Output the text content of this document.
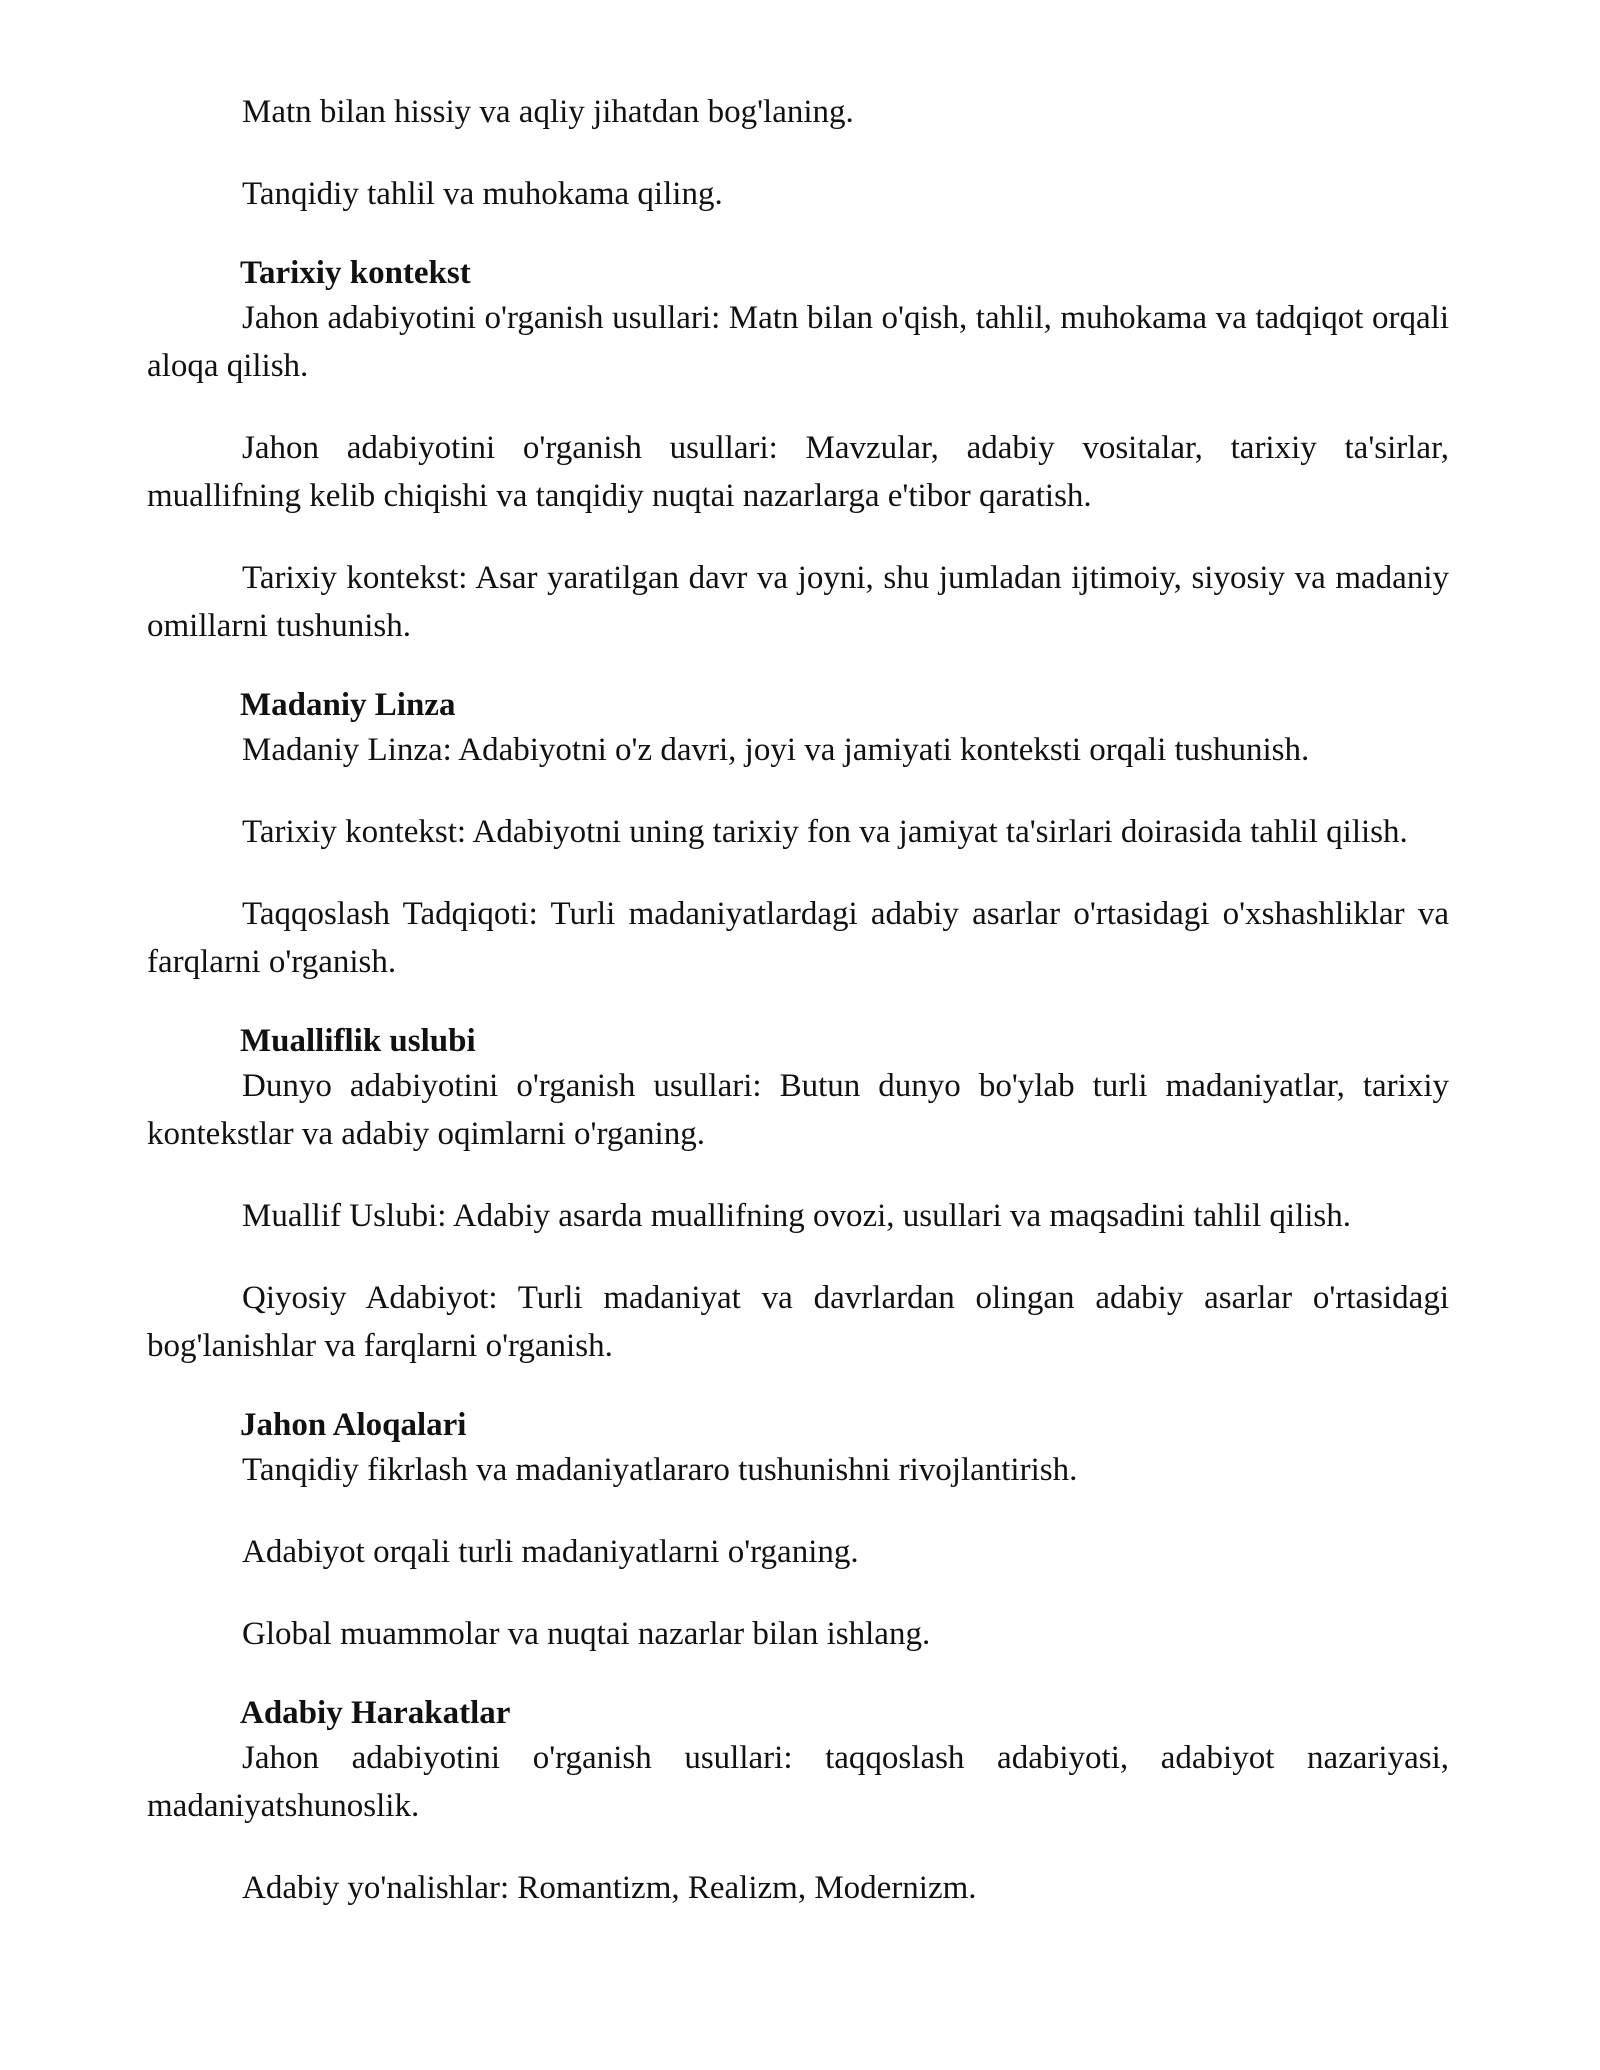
Matn bilan hissiy va aqliy jihatdan bog'laning.

Tanqidiy tahlil va muhokama qiling.

Tarixiy kontekst

Jahon adabiyotini o'rganish usullari: Matn bilan o'qish, tahlil, muhokama va tadqiqot orqali aloqa qilish.

Jahon adabiyotini o'rganish usullari: Mavzular, adabiy vositalar, tarixiy ta'sirlar, muallifning kelib chiqishi va tanqidiy nuqtai nazarlarga e'tibor qaratish.

Tarixiy kontekst: Asar yaratilgan davr va joyni, shu jumladan ijtimoiy, siyosiy va madaniy omillarni tushunish.

Madaniy Linza

Madaniy Linza: Adabiyotni o'z davri, joyi va jamiyati konteksti orqali tushunish.

Tarixiy kontekst: Adabiyotni uning tarixiy fon va jamiyat ta'sirlari doirasida tahlil qilish.

Taqqoslash Tadqiqoti: Turli madaniyatlardagi adabiy asarlar o'rtasidagi o'xshashliklar va farqlarni o'rganish.

Mualliflik uslubi

Dunyo adabiyotini o'rganish usullari: Butun dunyo bo'ylab turli madaniyatlar, tarixiy kontekstlar va adabiy oqimlarni o'rganing.

Muallif Uslubi: Adabiy asarda muallifning ovozi, usullari va maqsadini tahlil qilish.

Qiyosiy Adabiyot: Turli madaniyat va davrlardan olingan adabiy asarlar o'rtasidagi bog'lanishlar va farqlarni o'rganish.

Jahon Aloqalari

Tanqidiy fikrlash va madaniyatlararo tushunishni rivojlantirish.

Adabiyot orqali turli madaniyatlarni o'rganing.

Global muammolar va nuqtai nazarlar bilan ishlang.

Adabiy Harakatlar

Jahon adabiyotini o'rganish usullari: taqqoslash adabiyoti, adabiyot nazariyasi, madaniyatshunoslik.

Adabiy yo'nalishlar: Romantizm, Realizm, Modernizm.
